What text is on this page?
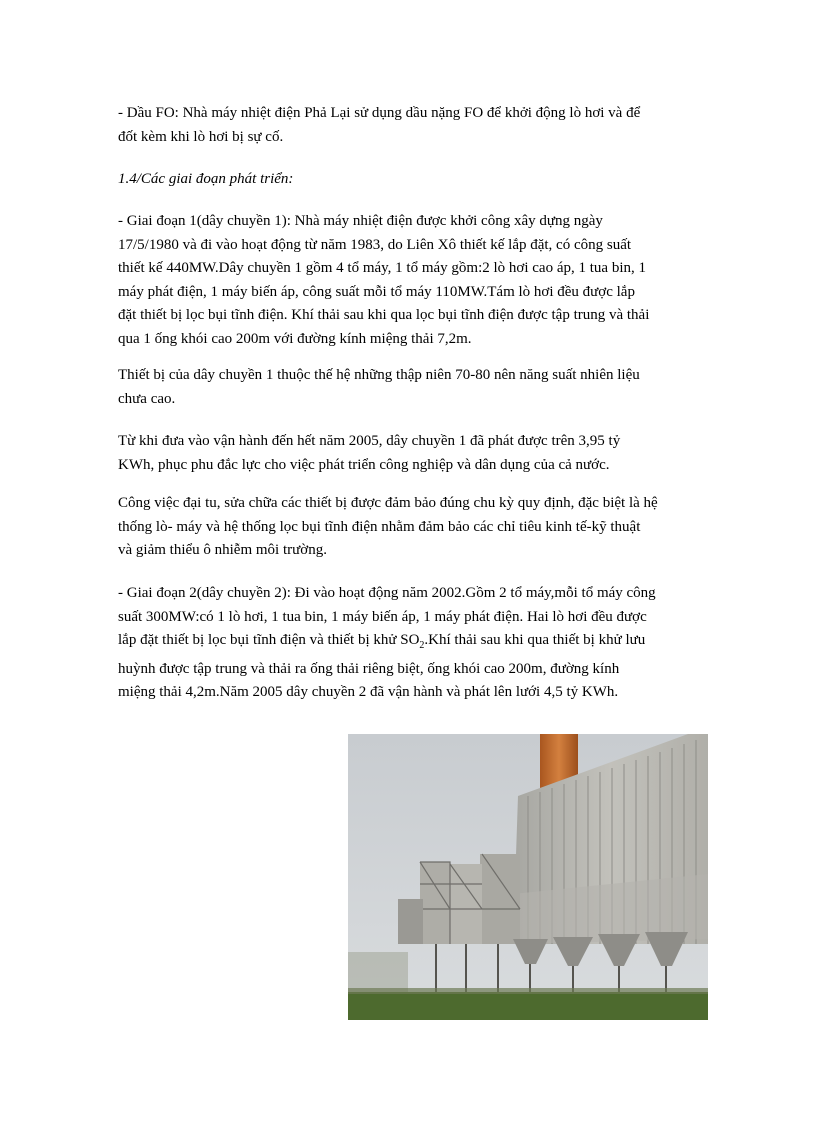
- Dầu FO: Nhà máy nhiệt điện Phả Lại sử dụng dầu nặng FO để khởi động lò hơi và để
đốt kèm khi lò hơi bị sự cố.
1.4/Các giai đoạn phát triển:
- Giai đoạn 1(dây chuyền 1): Nhà máy nhiệt điện được khởi công xây dựng ngày
17/5/1980 và đi vào hoạt động từ năm 1983, do Liên Xô thiết kế lắp đặt, có công suất
thiết kế 440MW.Dây chuyền 1 gồm 4 tổ máy, 1 tổ máy gồm:2 lò hơi cao áp, 1 tua bin, 1
máy phát điện, 1 máy biến áp, công suất mỗi tổ máy 110MW.Tám lò hơi đều được lắp
đặt thiết bị lọc bụi tĩnh điện. Khí thải sau khi qua lọc bụi tĩnh điện được tập trung và thải
qua 1 ống khói cao 200m với đường kính miệng thải 7,2m.
Thiết bị của dây chuyền 1 thuộc thế hệ những thập niên 70-80 nên năng suất nhiên liệu
chưa cao.
Từ khi đưa vào vận hành đến hết năm 2005, dây chuyền 1 đã phát được trên 3,95 tỷ
KWh, phục phu đắc lực cho việc phát triển công nghiệp và dân dụng của cả nước.
Công việc đại tu, sửa chữa các thiết bị được đảm bảo đúng chu kỳ quy định, đặc biệt là hệ
thống lò- máy và hệ thống lọc bụi tĩnh điện nhằm đảm bảo các chỉ tiêu kinh tế-kỹ thuật
và giảm thiểu ô nhiễm môi trường.
- Giai đoạn 2(dây chuyền 2): Đi vào hoạt động năm 2002.Gồm 2 tổ máy,mỗi tổ máy công
suất 300MW:có 1 lò hơi, 1 tua bin, 1 máy biến áp, 1 máy phát điện. Hai lò hơi đều được
lắp đặt thiết bị lọc bụi tĩnh điện và thiết bị khử $SO_2.Khí$ thải sau khi qua thiết bị khử lưu
huỳnh được tập trung và thải ra ống thải riêng biệt, ống khói cao 200m, đường kính
miệng thải 4,2m.Năm 2005 dây chuyền 2 đã vận hành và phát lên lưới 4,5 tỷ KWh.
